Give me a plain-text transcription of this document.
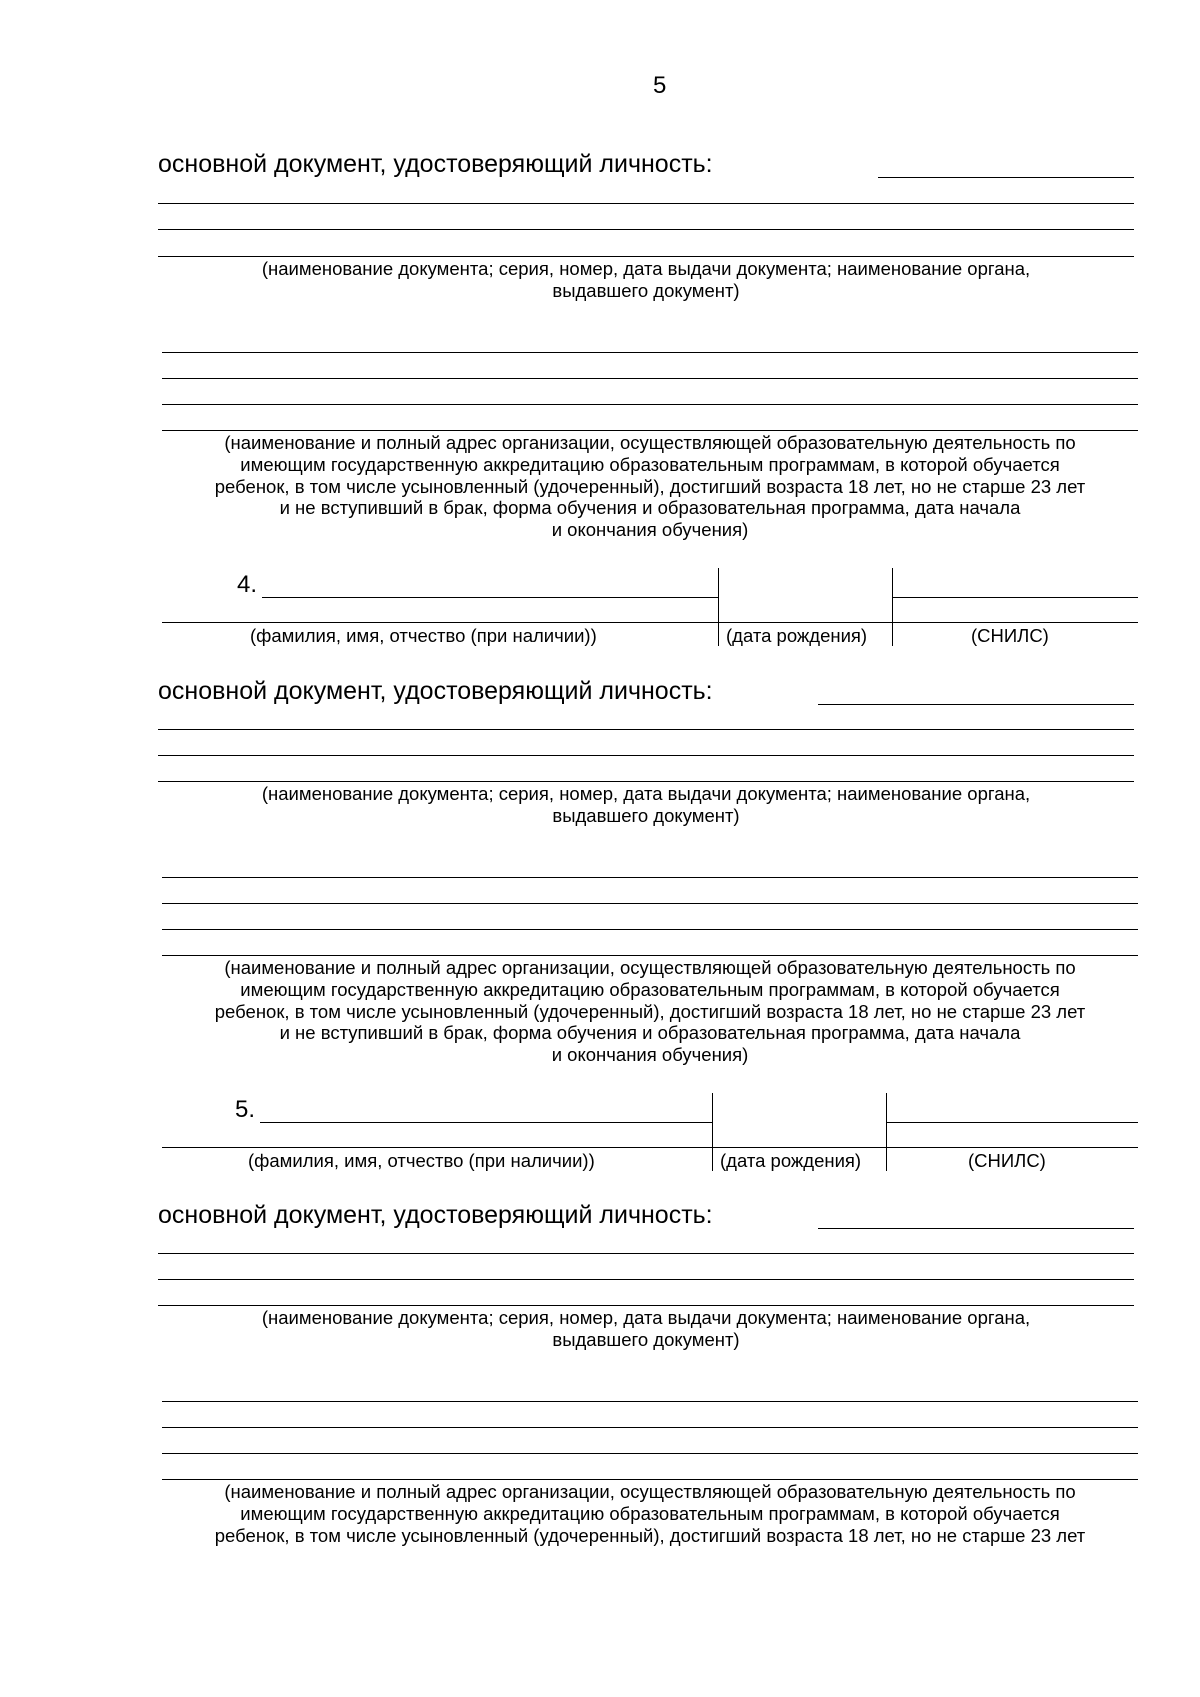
5
основной документ, удостоверяющий личность:
(наименование документа; серия, номер, дата выдачи документа; наименование органа,
выдавшего документ)
(наименование и полный адрес организации, осуществляющей образовательную деятельность по
имеющим государственную аккредитацию образовательным программам, в которой обучается
ребенок, в том числе усыновленный (удочеренный), достигший возраста 18 лет, но не старше 23 лет
и не вступивший в брак, форма обучения и образовательная программа, дата начала
и окончания обучения)
4.
(фамилия, имя, отчество (при наличии))	(дата рождения)	(СНИЛС)
основной документ, удостоверяющий личность:
(наименование документа; серия, номер, дата выдачи документа; наименование органа,
выдавшего документ)
(наименование и полный адрес организации, осуществляющей образовательную деятельность по
имеющим государственную аккредитацию образовательным программам, в которой обучается
ребенок, в том числе усыновленный (удочеренный), достигший возраста 18 лет, но не старше 23 лет
и не вступивший в брак, форма обучения и образовательная программа, дата начала
и окончания обучения)
5.
(фамилия, имя, отчество (при наличии))	(дата рождения)	(СНИЛС)
основной документ, удостоверяющий личность:
(наименование документа; серия, номер, дата выдачи документа; наименование органа,
выдавшего документ)
(наименование и полный адрес организации, осуществляющей образовательную деятельность по
имеющим государственную аккредитацию образовательным программам, в которой обучается
ребенок, в том числе усыновленный (удочеренный), достигший возраста 18 лет, но не старше 23 лет
